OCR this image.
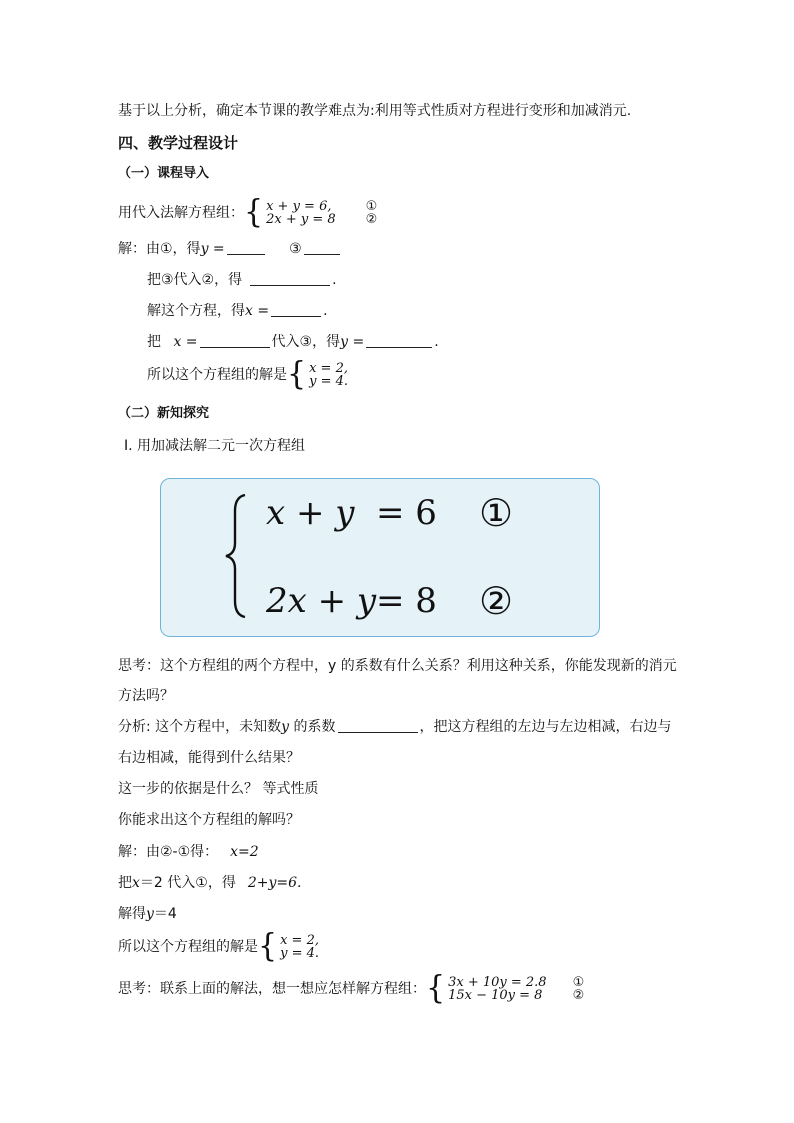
基于以上分析，确定本节课的教学难点为:利用等式性质对方程进行变形和加减消元.
四、教学过程设计
（一）课程导入
用代入法解方程组： { x + y = 6,
2x + y = 8
①
②
解：由①，得y =	③
把③代入②，得	.
解这个方程，得x =	.
把 x =	代入③，得y =	.
所以这个方程组的解是 { x = 2,
y = 4.
（二）新知探究
Ⅰ. 用加减法解二元一次方程组
x + y = 6 ①
2x + y = 8 ②
思考：这个方程组的两个方程中，y 的系数有什么关系？利用这种关系，你能发现新的消元
方法吗？
分析: 这个方程中，未知数y 的系数	，把这方程组的左边与左边相减，右边与
右边相减，能得到什么结果？
这一步的依据是什么？ 等式性质
你能求出这个方程组的解吗？
解：由②-①得： x=2
把x＝2 代入①，得 2+y=6.
解得y＝4
所以这个方程组的解是 { x = 2,
y = 4.
思考：联系上面的解法，想一想应怎样解方程组： { 3x + 10y = 2.8
15x − 10y = 8
①
②
